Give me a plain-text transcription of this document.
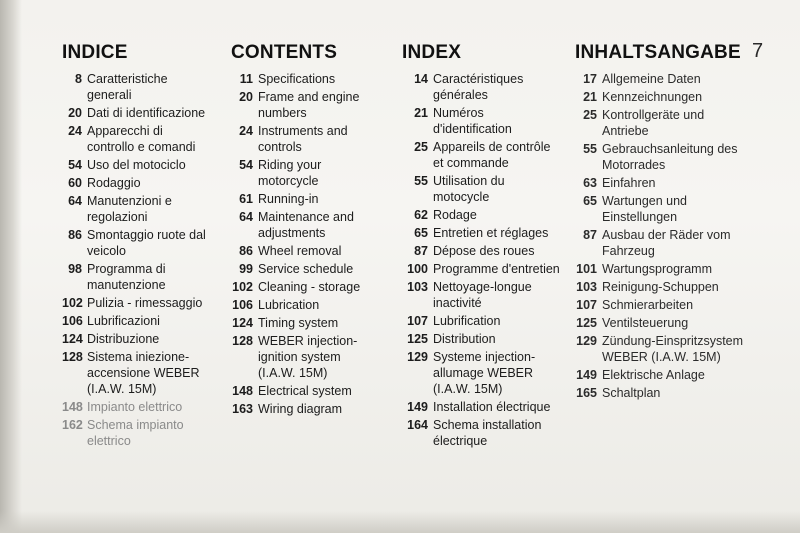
7
INDICE
8 Caratteristiche generali
20 Dati di identificazione
24 Apparecchi di controllo e comandi
54 Uso del motociclo
60 Rodaggio
64 Manutenzioni e regolazioni
86 Smontaggio ruote dal veicolo
98 Programma di manutenzione
102 Pulizia - rimessaggio
106 Lubrificazioni
124 Distribuzione
128 Sistema iniezione-accensione WEBER (I.A.W. 15M)
148 Impianto elettrico
162 Schema impianto elettrico
CONTENTS
11 Specifications
20 Frame and engine numbers
24 Instruments and controls
54 Riding your motorcycle
61 Running-in
64 Maintenance and adjustments
86 Wheel removal
99 Service schedule
102 Cleaning - storage
106 Lubrication
124 Timing system
128 WEBER injection-ignition system (I.A.W. 15M)
148 Electrical system
163 Wiring diagram
INDEX
14 Caractéristiques générales
21 Numéros d'identification
25 Appareils de contrôle et commande
55 Utilisation du motocycle
62 Rodage
65 Entretien et réglages
87 Dépose des roues
100 Programme d'entretien
103 Nettoyage-longue inactivité
107 Lubrification
125 Distribution
129 Systeme injection-allumage WEBER (I.A.W. 15M)
149 Installation électrique
164 Schema installation électrique
INHALTSANGABE
17 Allgemeine Daten
21 Kennzeichnungen
25 Kontrollgeräte und Antriebe
55 Gebrauchsanleitung des Motorrades
63 Einfahren
65 Wartungen und Einstellungen
87 Ausbau der Räder vom Fahrzeug
101 Wartungsprogramm
103 Reinigung-Schuppen
107 Schmierarbeiten
125 Ventilsteuerung
129 Zündung-Einspritzsystem WEBER (I.A.W. 15M)
149 Elektrische Anlage
165 Schaltplan
